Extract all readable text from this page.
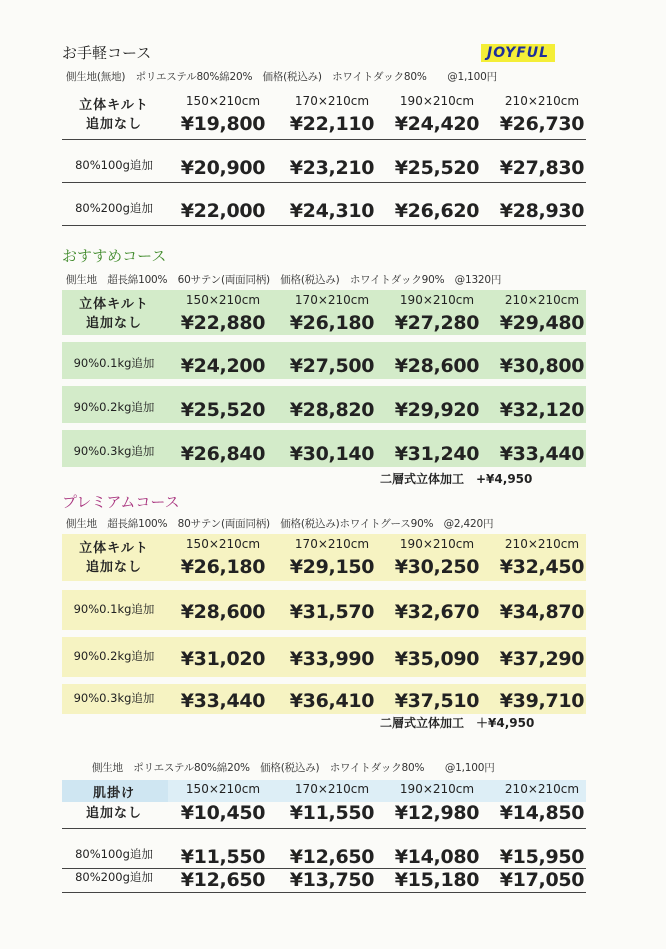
JOYFUL
お手軽コース
側生地(無地)　ポリエステル80%綿20%　価格(税込み)　ホワイトダック80%　　@1,100円
立体キルト	150×210cm	170×210cm	190×210cm	210×210cm
追加なし	¥19,800	¥22,110	¥24,420	¥26,730
80%100g追加	¥20,900	¥23,210	¥25,520	¥27,830
80%200g追加	¥22,000	¥24,310	¥26,620	¥28,930
おすすめコース
側生地　超長綿100%　60サテン(両面同柄)　価格(税込み)　ホワイトダック90%　@1320円
立体キルト	150×210cm	170×210cm	190×210cm	210×210cm
追加なし	¥22,880	¥26,180	¥27,280	¥29,480
90%0.1kg追加	¥24,200	¥27,500	¥28,600	¥30,800
90%0.2kg追加	¥25,520	¥28,820	¥29,920	¥32,120
90%0.3kg追加	¥26,840	¥30,140	¥31,240	¥33,440
二層式立体加工　+¥4,950
プレミアムコース
側生地　超長綿100%　80サテン(両面同柄)　価格(税込み)ホワイトグース90%　@2,420円
立体キルト	150×210cm	170×210cm	190×210cm	210×210cm
追加なし	¥26,180	¥29,150	¥30,250	¥32,450
90%0.1kg追加	¥28,600	¥31,570	¥32,670	¥34,870
90%0.2kg追加	¥31,020	¥33,990	¥35,090	¥37,290
90%0.3kg追加	¥33,440	¥36,410	¥37,510	¥39,710
二層式立体加工　＋¥4,950
側生地　ポリエステル80%綿20%　価格(税込み)　ホワイトダック80%　　@1,100円
肌掛け	150×210cm	170×210cm	190×210cm	210×210cm
追加なし	¥10,450	¥11,550	¥12,980	¥14,850
80%100g追加	¥11,550	¥12,650	¥14,080	¥15,950
80%200g追加	¥12,650	¥13,750	¥15,180	¥17,050
